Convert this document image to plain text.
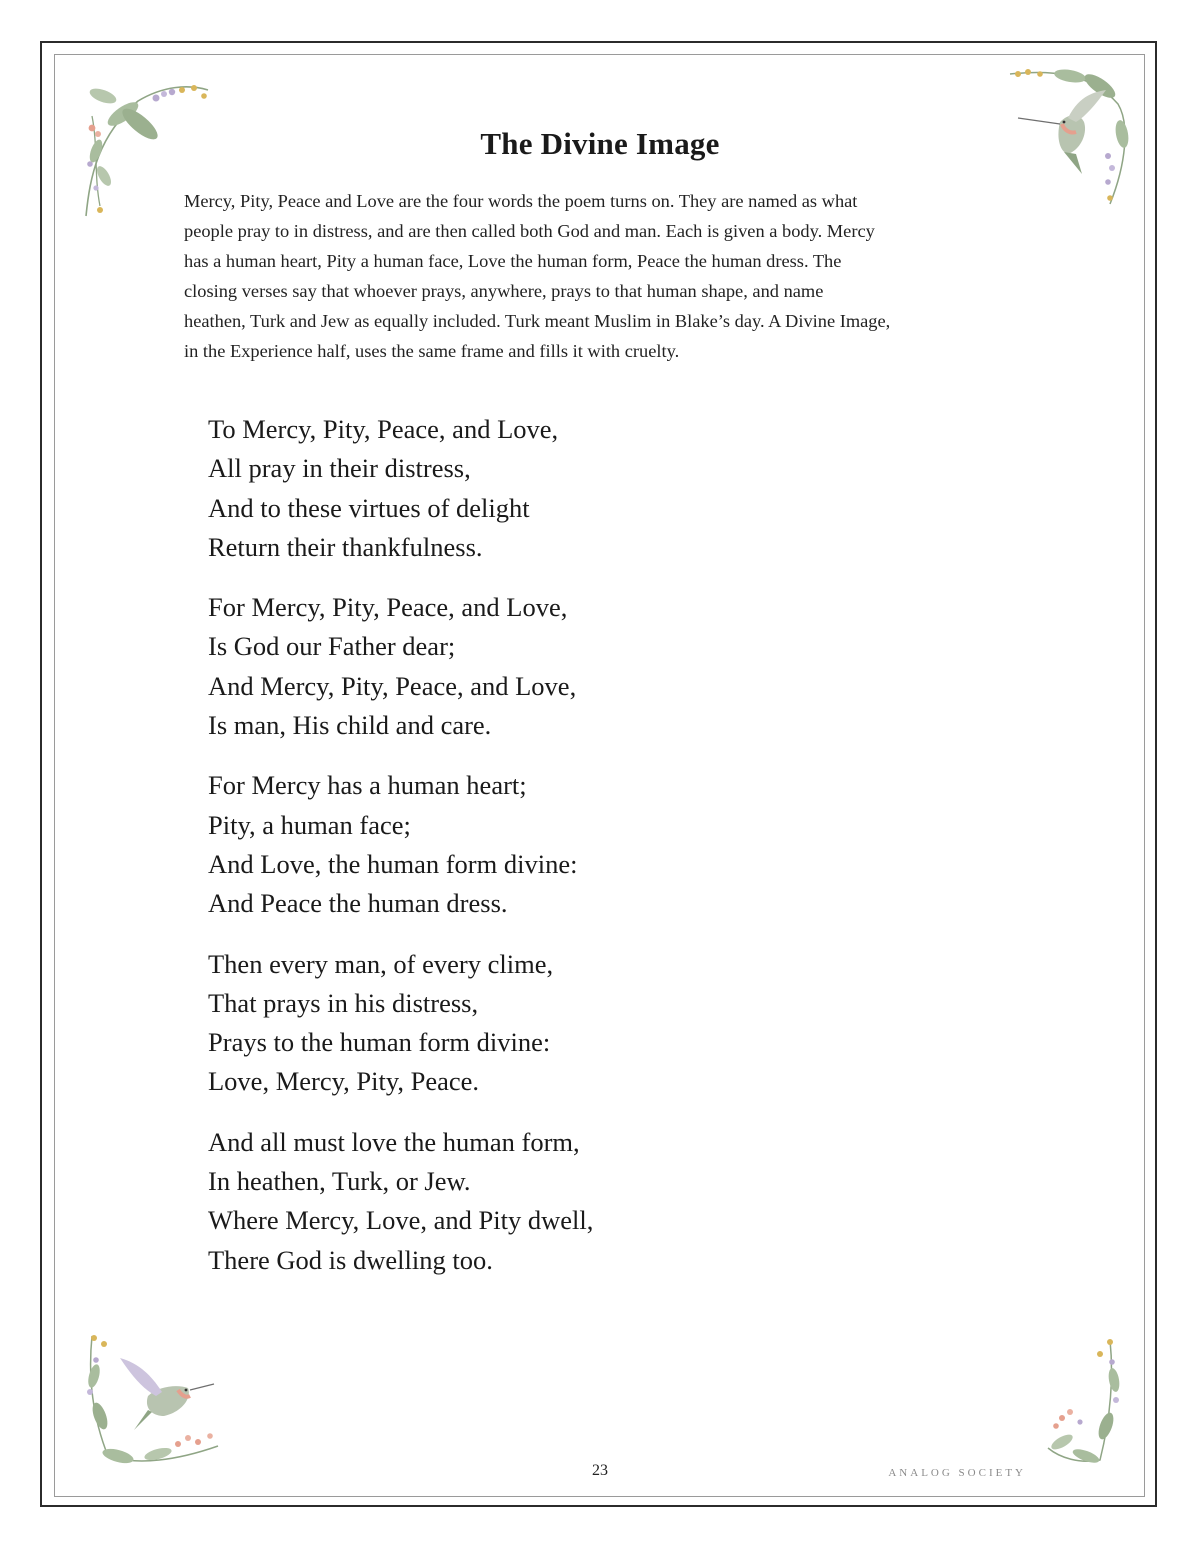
The Divine Image
Mercy, Pity, Peace and Love are the four words the poem turns on. They are named as what
people pray to in distress, and are then called both God and man. Each is given a body. Mercy
has a human heart, Pity a human face, Love the human form, Peace the human dress. The
closing verses say that whoever prays, anywhere, prays to that human shape, and name
heathen, Turk and Jew as equally included. Turk meant Muslim in Blake’s day. A Divine Image,
in the Experience half, uses the same frame and fills it with cruelty.
To Mercy, Pity, Peace, and Love,
All pray in their distress,
And to these virtues of delight
Return their thankfulness.
For Mercy, Pity, Peace, and Love,
Is God our Father dear;
And Mercy, Pity, Peace, and Love,
Is man, His child and care.
For Mercy has a human heart;
Pity, a human face;
And Love, the human form divine:
And Peace the human dress.
Then every man, of every clime,
That prays in his distress,
Prays to the human form divine:
Love, Mercy, Pity, Peace.
And all must love the human form,
In heathen, Turk, or Jew.
Where Mercy, Love, and Pity dwell,
There God is dwelling too.
23	ANALOG SOCIETY
